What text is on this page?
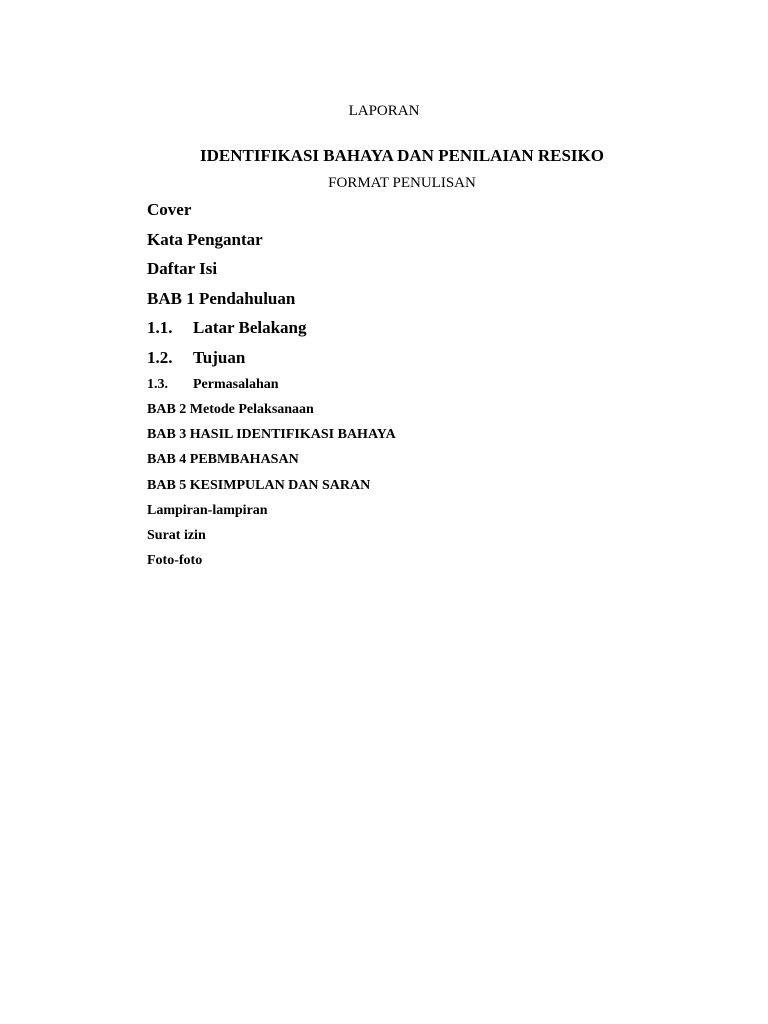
LAPORAN
IDENTIFIKASI BAHAYA DAN PENILAIAN RESIKO
FORMAT PENULISAN
Cover
Kata Pengantar
Daftar Isi
BAB 1 Pendahuluan
1.1. Latar Belakang
1.2. Tujuan
1.3. Permasalahan
BAB 2 Metode Pelaksanaan
BAB 3 HASIL IDENTIFIKASI BAHAYA
BAB 4 PEBMBAHASAN
BAB 5 KESIMPULAN DAN SARAN
Lampiran-lampiran
Surat izin
Foto-foto
